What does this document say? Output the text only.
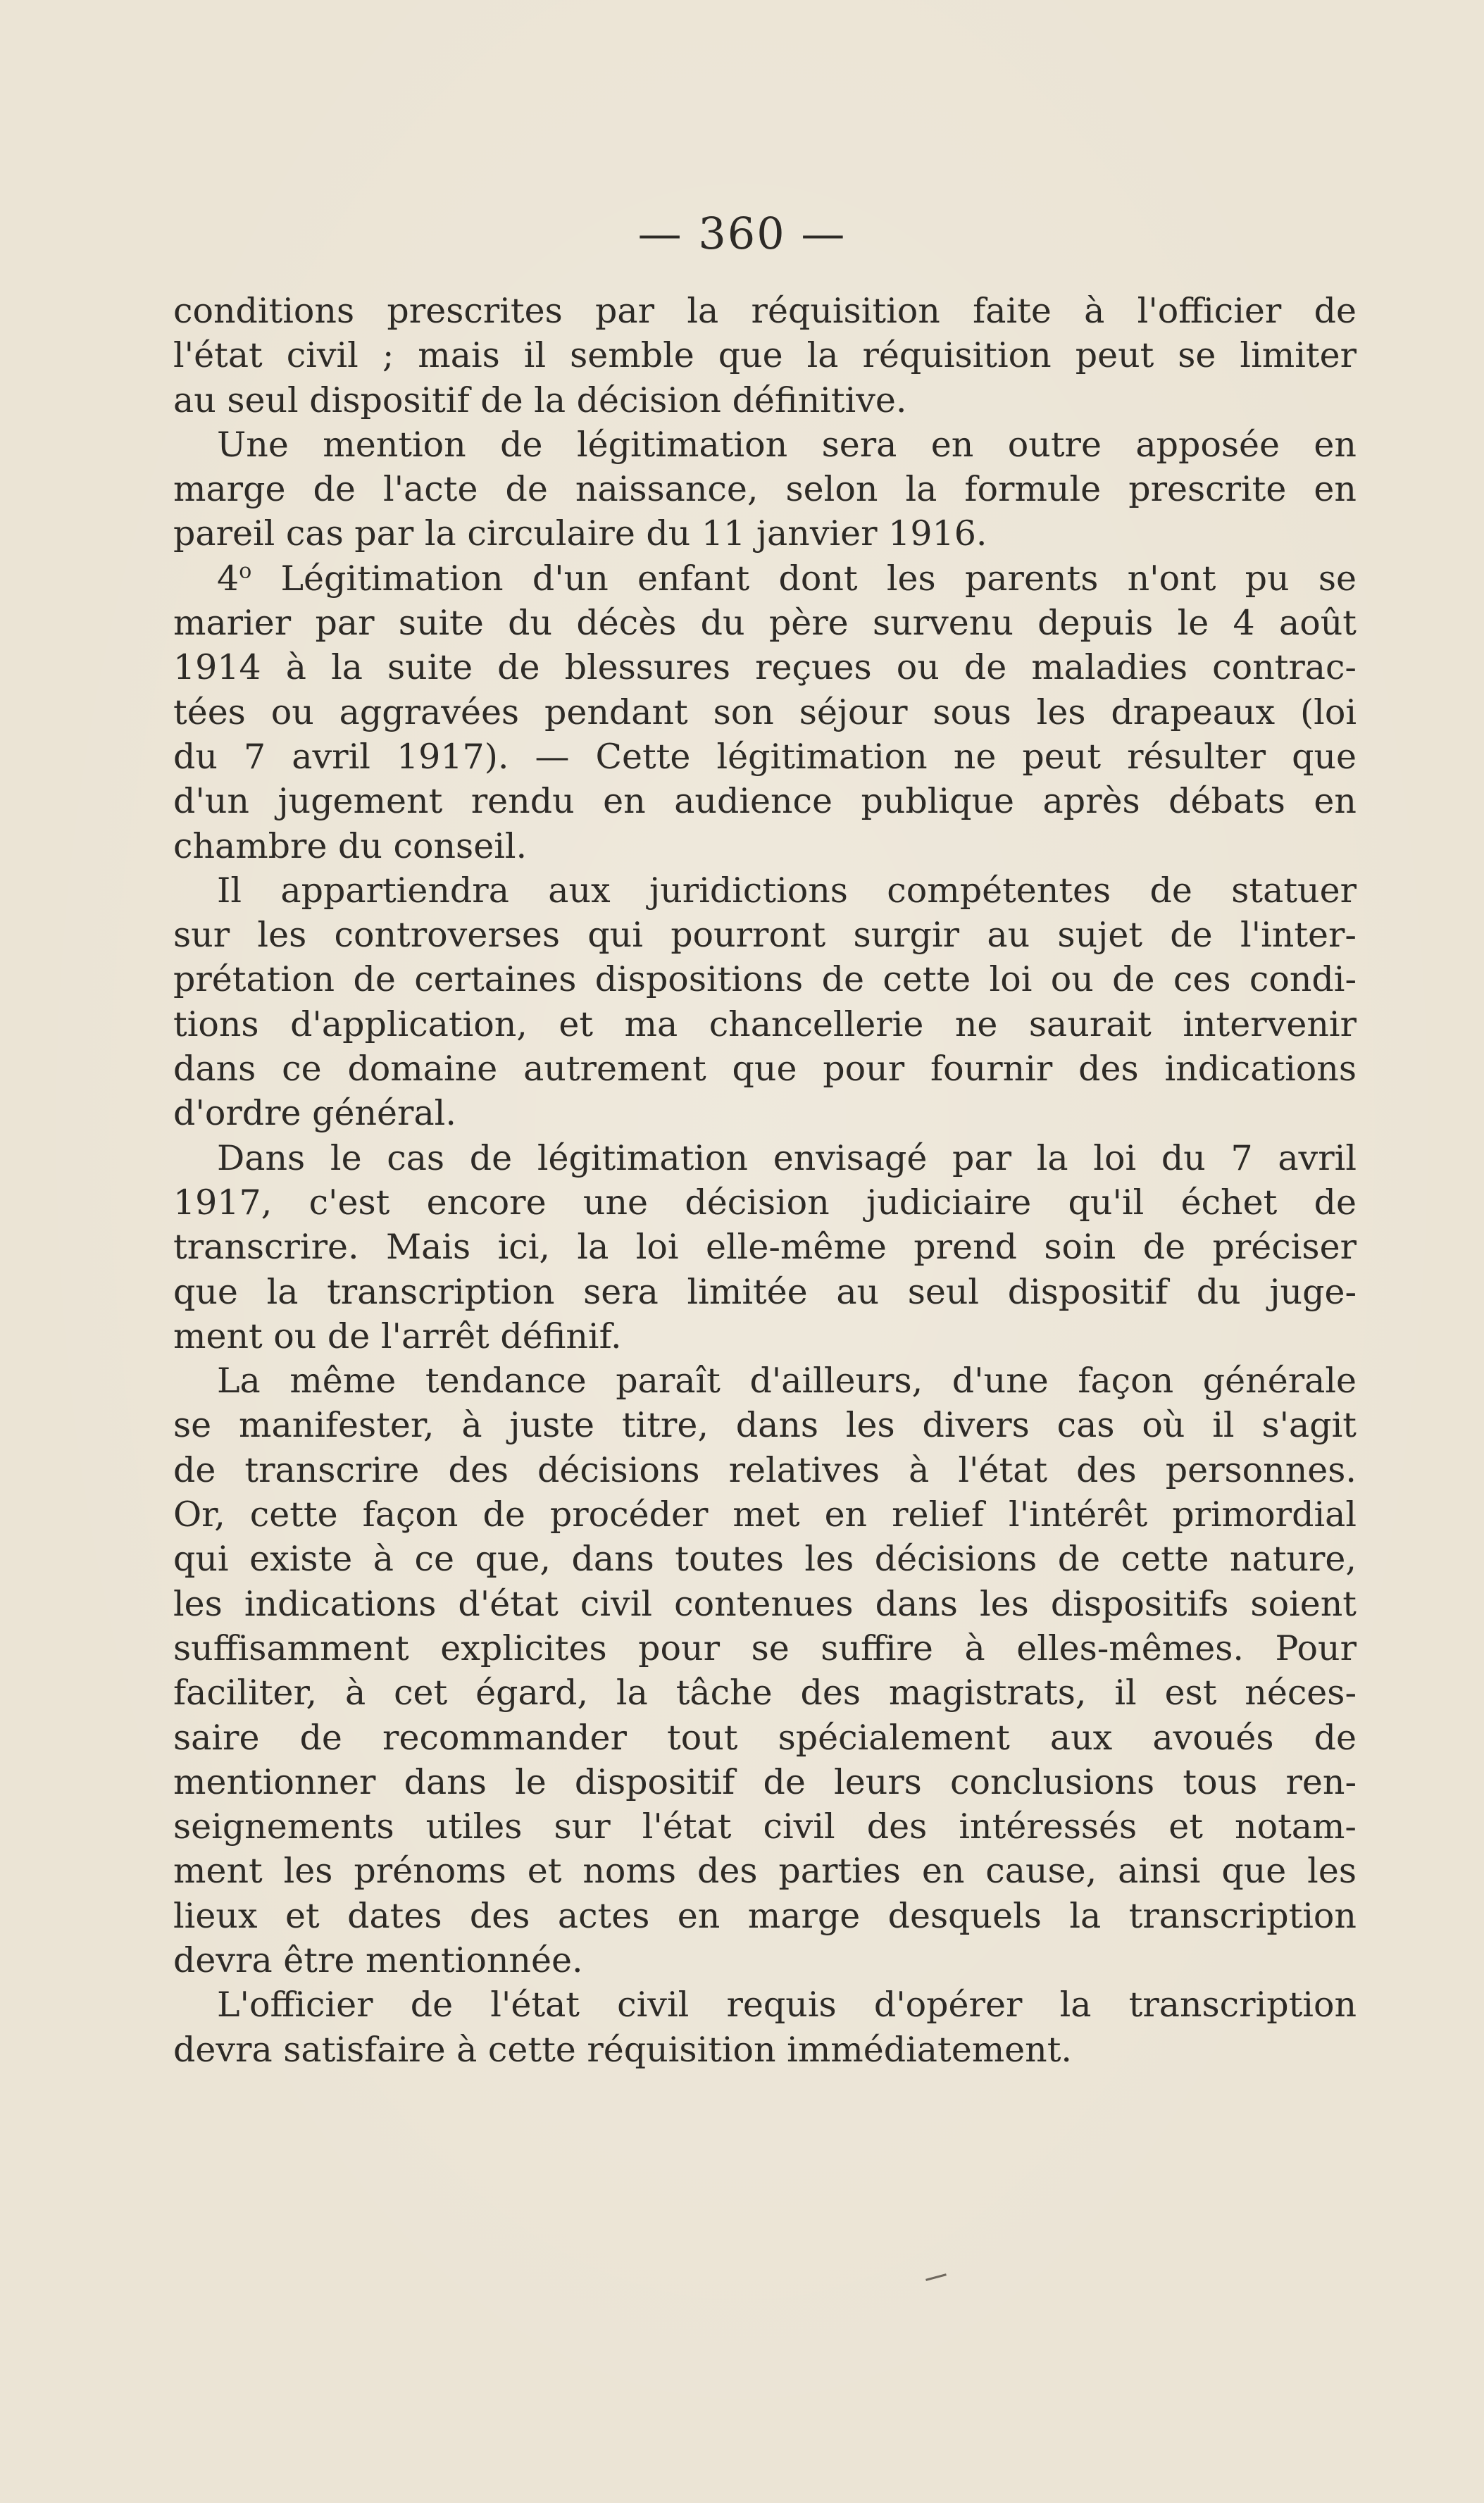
— 360 —
conditions prescrites par la réquisition faite à l'officier de
l'état civil ; mais il semble que la réquisition peut se limiter
au seul dispositif de la décision définitive.
Une mention de légitimation sera en outre apposée en
marge de l'acte de naissance, selon la formule prescrite en
pareil cas par la circulaire du 11 janvier 1916.
4$^o$ Légitimation d'un enfant dont les parents n'ont pu se
marier par suite du décès du père survenu depuis le 4 août
1914 à la suite de blessures reçues ou de maladies contrac-
tées ou aggravées pendant son séjour sous les drapeaux (loi
du 7 avril 1917). — Cette légitimation ne peut résulter que
d'un jugement rendu en audience publique après débats en
chambre du conseil.
Il appartiendra aux juridictions compétentes de statuer
sur les controverses qui pourront surgir au sujet de l'inter-
prétation de certaines dispositions de cette loi ou de ces condi-
tions d'application, et ma chancellerie ne saurait intervenir
dans ce domaine autrement que pour fournir des indications
d'ordre général.
Dans le cas de légitimation envisagé par la loi du 7 avril
1917, c'est encore une décision judiciaire qu'il échet de
transcrire. Mais ici, la loi elle-même prend soin de préciser
que la transcription sera limitée au seul dispositif du juge-
ment ou de l'arrêt définif.
La même tendance paraît d'ailleurs, d'une façon générale
se manifester, à juste titre, dans les divers cas où il s'agit
de transcrire des décisions relatives à l'état des personnes.
Or, cette façon de procéder met en relief l'intérêt primordial
qui existe à ce que, dans toutes les décisions de cette nature,
les indications d'état civil contenues dans les dispositifs soient
suffisamment explicites pour se suffire à elles-mêmes. Pour
faciliter, à cet égard, la tâche des magistrats, il est néces-
saire de recommander tout spécialement aux avoués de
mentionner dans le dispositif de leurs conclusions tous ren-
seignements utiles sur l'état civil des intéressés et notam-
ment les prénoms et noms des parties en cause, ainsi que les
lieux et dates des actes en marge desquels la transcription
devra être mentionnée.
L'officier de l'état civil requis d'opérer la transcription
devra satisfaire à cette réquisition immédiatement.
